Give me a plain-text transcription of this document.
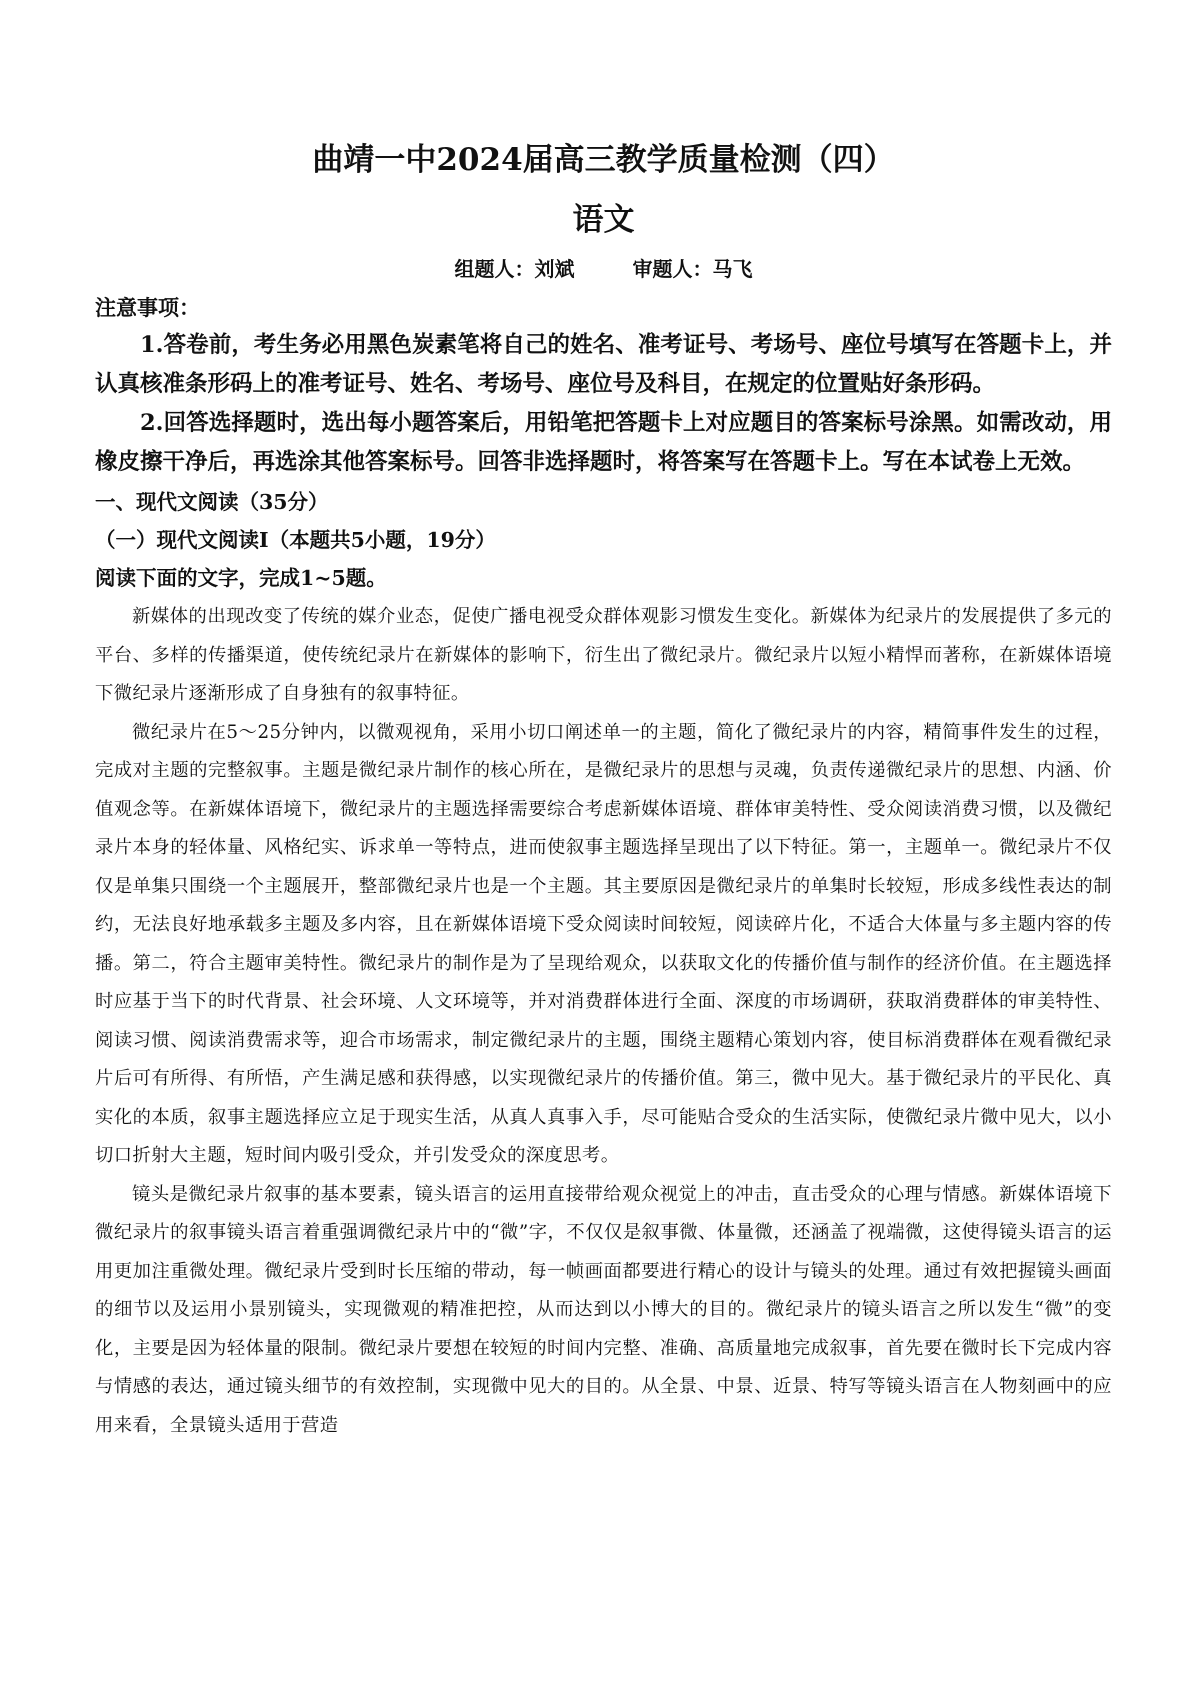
曲靖一中2024届高三教学质量检测（四）
语文
组题人：刘斌	审题人：马飞
注意事项：

1.答卷前，考生务必用黑色炭素笔将自己的姓名、准考证号、考场号、座位号填写在答题卡上，并认真核准条形码上的准考证号、姓名、考场号、座位号及科目，在规定的位置贴好条形码。

2.回答选择题时，选出每小题答案后，用铅笔把答题卡上对应题目的答案标号涂黑。如需改动，用橡皮擦干净后，再选涂其他答案标号。回答非选择题时，将答案写在答题卡上。写在本试卷上无效。

一、现代文阅读（35分）
（一）现代文阅读Ⅰ（本题共5小题，19分）
阅读下面的文字，完成1~5题。

新媒体的出现改变了传统的媒介业态，促使广播电视受众群体观影习惯发生变化。新媒体为纪录片的发展提供了多元的平台、多样的传播渠道，使传统纪录片在新媒体的影响下，衍生出了微纪录片。微纪录片以短小精悍而著称，在新媒体语境下微纪录片逐渐形成了自身独有的叙事特征。

微纪录片在5～25分钟内，以微观视角，采用小切口阐述单一的主题，简化了微纪录片的内容，精简事件发生的过程，完成对主题的完整叙事。主题是微纪录片制作的核心所在，是微纪录片的思想与灵魂，负责传递微纪录片的思想、内涵、价值观念等。在新媒体语境下，微纪录片的主题选择需要综合考虑新媒体语境、群体审美特性、受众阅读消费习惯，以及微纪录片本身的轻体量、风格纪实、诉求单一等特点，进而使叙事主题选择呈现出了以下特征。第一，主题单一。微纪录片不仅仅是单集只围绕一个主题展开，整部微纪录片也是一个主题。其主要原因是微纪录片的单集时长较短，形成多线性表达的制约，无法良好地承载多主题及多内容，且在新媒体语境下受众阅读时间较短，阅读碎片化，不适合大体量与多主题内容的传播。第二，符合主题审美特性。微纪录片的制作是为了呈现给观众，以获取文化的传播价值与制作的经济价值。在主题选择时应基于当下的时代背景、社会环境、人文环境等，并对消费群体进行全面、深度的市场调研，获取消费群体的审美特性、阅读习惯、阅读消费需求等，迎合市场需求，制定微纪录片的主题，围绕主题精心策划内容，使目标消费群体在观看微纪录片后可有所得、有所悟，产生满足感和获得感，以实现微纪录片的传播价值。第三，微中见大。基于微纪录片的平民化、真实化的本质，叙事主题选择应立足于现实生活，从真人真事入手，尽可能贴合受众的生活实际，使微纪录片微中见大，以小切口折射大主题，短时间内吸引受众，并引发受众的深度思考。

镜头是微纪录片叙事的基本要素，镜头语言的运用直接带给观众视觉上的冲击，直击受众的心理与情感。新媒体语境下微纪录片的叙事镜头语言着重强调微纪录片中的“微”字，不仅仅是叙事微、体量微，还涵盖了视端微，这使得镜头语言的运用更加注重微处理。微纪录片受到时长压缩的带动，每一帧画面都要进行精心的设计与镜头的处理。通过有效把握镜头画面的细节以及运用小景别镜头，实现微观的精准把控，从而达到以小博大的目的。微纪录片的镜头语言之所以发生“微”的变化，主要是因为轻体量的限制。微纪录片要想在较短的时间内完整、准确、高质量地完成叙事，首先要在微时长下完成内容与情感的表达，通过镜头细节的有效控制，实现微中见大的目的。从全景、中景、近景、特写等镜头语言在人物刻画中的应用来看，全景镜头适用于营造
